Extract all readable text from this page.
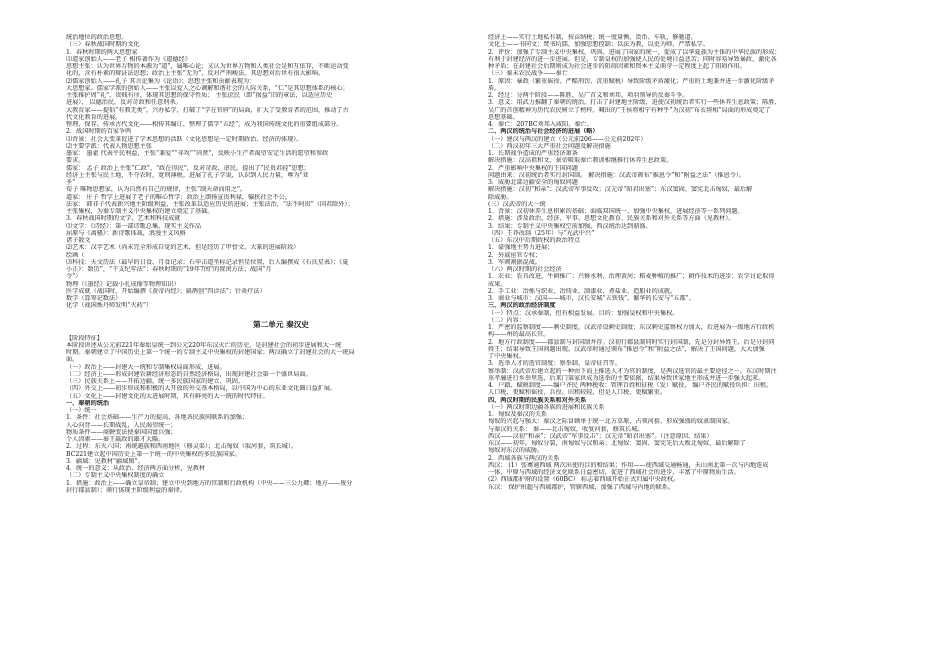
统治地位的政治思想。
（三）春秋战国时期的文化
1．春秋时期的两大思想家
⑴道家创始人——老子 相传著作为《道德经》
思想主张：认为世界万物的本源为“道”，属唯心论；又认为世界万物和人类社会是和互依存，不断运动变
化的，含有朴素的辩证法思想；政治上主张“无为”，反对严刑峻法。其思想对后世有很大影响。
⑵儒家创始人——孔子 其言论集为《论语》；思想主张和贡献表现为：
大思想家。儒家学派的创始人——主张以爱人之心调解和谐社会的人际关系，“仁”是其思想体系的核心；
主张推护周“礼”，贵贱有序，体现其思想的保守性质； 主张庶民（即“损益”旧的章法，以适应历史
进展）， 以德治民，反对苛政和任意刑杀。
大教育家——提倡“有教无类”，兴办私学，打破了“学在官府”的局面，扩大了受教育者的范围，推动了古
代文化教育的进展。
整理、保存、传承古代文化——相传其编订、整理了儒学“五经”，成为我国传统文化的重要组成部分。
2．战国时期的百家争鸣
⑴背景：社会大变革促进了学术思想的活跃（文化思想是一定时期政治、经济的体现）。
⑵主要学派：代表人物思想主张
墨家： 墨翟 代表平民利益，主张“兼爱”“非攻”“尚贤”，反映小生产者渴望安定生活的愿望和参政
要求。
儒家： 孟子 政治上主张“仁政”、“政在得民”，反对苛政、虐民，提出了“民贵君轻”思想；
经济上主张与民土地，不夺农时，宽刑薄税。进展了孔子学说，认识到人民力量，尊为“亚
圣”
荀子 唯物思想家，认为自然有自己的规律，主张“制天命而用之”。
道家： 庄子 哲学上进展了老子的唯心哲学；政治上颂扬宣贵利禄，骗狭社会不公。
法家： 韩非子代表新兴地主阶级利益，主张改革以适应历史的进展；主张法治，“法不阿贵”（国君除外）；
主张集权，为秦专制主义中央集权的建立奠定了基础。
3．春秋战国时期的文学、艺术和科技成就
⑴文学：《诗经》：第一部诗歌总集，现实主义作品
屈原与《离骚》：新诗歌体裁，浪漫主义风格
诸子散文
⑵艺术：汉字艺术（尚未完全形成自觉的艺术，但是经历了甲骨文、大篆的进展阶段）
绘画（
⑶科技：天文历法（最早的日食、月食记录；石申击道坐标记录恒星位置，后人编撰成《石氏星表》；《夏
小正》：数历”，“干支纪年法”：春秋时期的“19年7闰”的置闰方法；战国“月
令”）
物理（《墨经》记载小孔成像等物理知识）
医学成就（战国时，开始编撰《黄帝内经》；扁鹊创“四诊法”；针灸疗法）
数学（算筹记数法）
化学（战国炼丹师发明“火药”）
第二单元 秦汉史
【阶段特征】
本阶段讲述从公元前221年秦始皇统一到公元220年东汉灭亡的历史，是封建社会的初步进展和大一统
时期。秦朝建立了中国历史上第一个统一的专制主义中央集权的封建国家；两汉确立了封建社会的大一统局
面。
（一）政治上——封建大一统和专制集权局面形成、进展。
（二）经济上——形成封建农耕经济形态的自然经济格局，出现封建社会第一个盛世局面。
（三）民族关系上——开拓边疆，统一多民族国家的建立、巩固。
（四）外交上——初步形成和积极的大开放的外交基本格局，以中国为中心的东亚文化圈日益扩展。
（五）文化上——封建文化的大进展时期，其有鲜亮的大一统的时代特征。
一、秦朝的统治
（一）统一
1．条件：社会基础——生产力的提高、各地各民族间联系的加强；
人心向背——长期战乱，人民渴望统一；
物质条件——商鞅变法使秦国国富兵强；
个人因素——秦王嬴政的雄才大略。
2．过程：东灭六国；南统越族和西南地区（修灵渠）；北击匈奴（取河套，筑长城）。
BC221建立起中国历史上第一个统一的中央集权的多民族国家。
3．疆域：见教材“疆域图”。
4．统一的意义：从政治、经济两方面分析，见教材
（二）专制主义中央集权制度的确立
1．措施：政治上——确立皇帝制；建立中央到地方的官制和行政机构（中央——三公九卿；地方——废分
封行郡县制）；颁行体现主阶级利益的秦律。
经济上——实行土地私有制，按亩纳税；统一度量衡、货币、车轨，修驰道。
文化上——书同文；焚书坑儒，加强思想控制；以法为教，以吏为师，严禁私学。
2．评价：加强了专制主义中央集权，巩固、进展了国家的统一，促成了以华夏族为主体的中华民族的形成；
有利于封建经济的进一步进展。但是，专制皇权的加强使人民的处境日益悲苦；同时容易导致暴政，激化各
种矛盾；在封建社会后期则成为社会进步的阻碍因素和资本主义萌芽一定程度上起了阻碍作用。
（三）秦末农民战争——秦亡
1．原因：暴政（繁重徭役、严酷刑罚、沉重赋税）导致阶级矛盾激化；严重的土地兼并进一步激化阶级矛
盾。
2．经过：分两个阶段——陈胜、吴广首义和刘邦、项羽领导的反秦斗争。
3．意义：用武力推翻了秦朝的统治，打击了封建地主阶级，迫使汉初统治者实行一些休养生息政策；陈胜、
吴广的首创精神为历代农民树立了榜样。喊出的“王侯将相宁有种乎”为汉初“布衣将相”局面的形成奠定了
思想基础。
4．秦亡：207BC刘邦入咸阳，秦亡。
二、两汉的统治与社会经济的进展（略）
（一）建汉与两汉的建立（公元前206——公元前202年）
（二）西汉初年三大严重社会问题及解决措施
1．长期战争造成的严重经济萧条
解决措施：汉高祖和文、景帝吸取秦亡教训相继推行休养生息政策。
2．严重影响中央集权的王国问题
问题由来：汉初统治者实行封国制。 解决措施：汉武帝颁布“推恩令”和“附益之法”（推恩令）。
3．威胁北部边疆安全的匈奴问题
解决措施：汉初“和亲”；汉武帝军事反攻；汉元帝“昭君出塞”；东汉窦固、窦宪北击匈奴，最后解
除威胁。
(三）汉武帝的大一统
1．背景：汉初休养生息积累的基础；面临双国统一、加强中央集权、进展经济等一系列问题。
2．措施：涉及政治、经济、军事、思想文化教育、民族关系和对外关系等方面（见教材）。
3．结果：专制主义中央集权空前加强，西汉统治达到鼎盛。
（四）王莽改制（25年）与“光武中兴”
（五）东汉中后期政权的政治特点
1．豪强地主势力进展；
2．外戚宦官专权；
3．军阀割据混战。
（六）两汉时期的社会经济
1．农业：农具改进、牛耕推广；兴修水利，治理黄河；稻麦种植的推广；耕作技术的进步；农学讨论取得
成果。
2．手工业：冶炼与织业、冶铸业、制漆业、煮盐业、造船业的成就。
3．商业与城市：汉国——城市，汉长安城“五铁钱”，繁华的长安与“五都”。
三、两汉的政治经济制度
（一）特点：汉承秦制，但有相益发展。目的：加强皇权和中央集权。
（二）内容：
1．严密的监察制度——刺史制度。汉武帝设刺史制度；东汉刺史监察权力加大，后进展为一级地方行政机
构——州的最高长官。
2．地方行政制度——郡县制与封国制并存。汉初行郡县制同时实行封国制，先是分封异姓王，后是分封同
姓王；结果导致王国问题出现。汉武帝时通过颁布“推恩令”和“附益之法”，解决了王国问题，大大加强
了中央集权。
3．选举人才的选官制度：察举制、皇帝征召等。
察举制：汉武帝后建立起的一种由下而上推选人才为官的制度，是两汉选官的最主要途径之一。东汉时期注
重孝廉进行乡举里选，后来门第家世成为选举的主要依据，结果导致世家地主形成并进一步强大起来。
4．户籍、赋税制度——编户齐民 两种税收：管理百姓和征税（发）赋役， 编户齐民的赋役负担：田租、
人口税、更赋和徭役、兵役。田租较轻，但是人口税、更赋繁重。
四、两汉时期的民族关系和对外关系
（一）两汉时期边疆各族的进展和民族关系
1．匈奴及秦汉的关系
匈奴的兴起与强大：秦汉之际冒顿单于统一北方草原，占领河套，形成强盛的奴隶制国家。
与秦汉的关系： 秦——北击匈奴，收复河套，修筑长城。
西汉——汉初“和亲”；汉武帝“军事反击”；汉元帝“昭君出塞”。（注意原因、结果）
东汉——初年，匈奴分裂，南匈奴与汉和亲；北匈奴：窦固、窦宪先后大败北匈奴，最后解除了
匈奴对东汉的威胁。
2．西域各族与两汉的关系
西汉： (1）张骞通西域 两次出使的目的和结果；作用——使西域交通畅通，天山南北第一次与内地连成
一体，中原与西域的经济文化联系日益密切，促进了西域社会的进步，丰富了中原物质生活。
(2）西域都护府的设置（60BC） 标志着西域开始正式归属中央政权。
东汉： 保护班超与西域都护，管辖西域，加强了西域与内地的联系。
